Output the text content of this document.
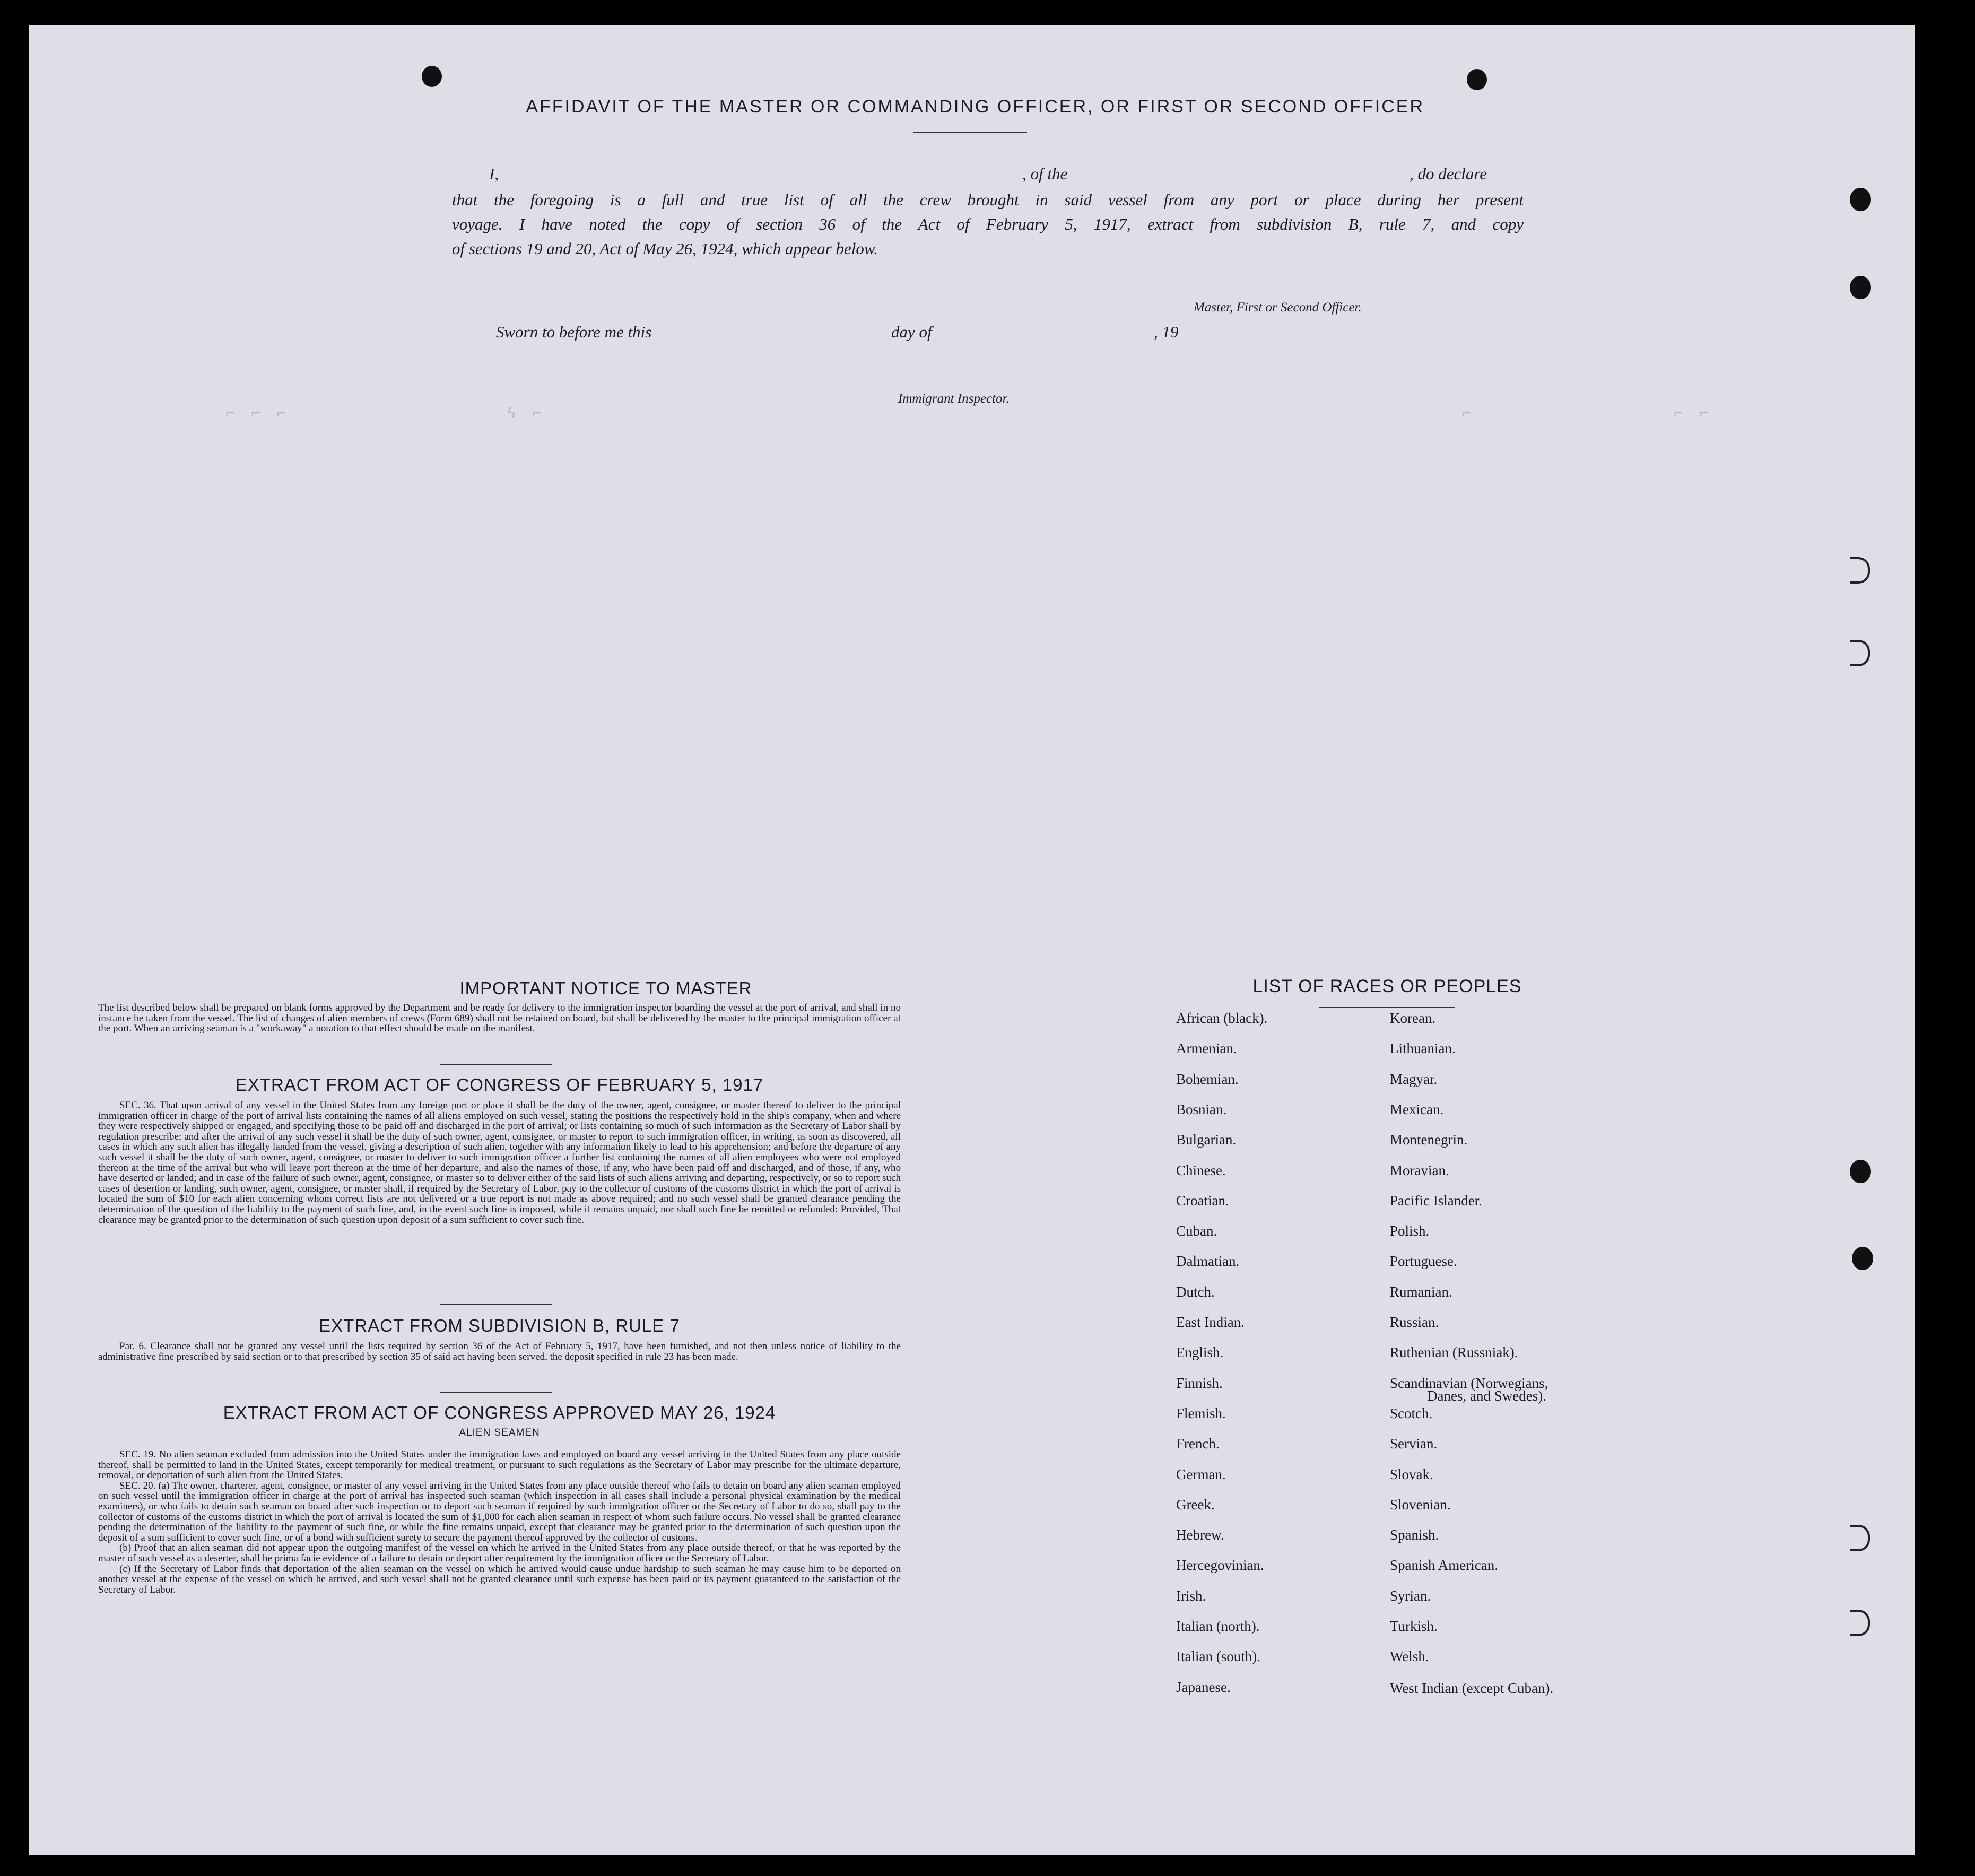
⌐ ⌐ ⌐	ϟ ⌐	⌐	⌐ ⌐
AFFIDAVIT OF THE MASTER OR COMMANDING OFFICER, OR FIRST OR SECOND OFFICER
I,	, of the	, do declare
that the foregoing is a full and true list of all the crew brought in said vessel from any port or place during her present
voyage. I have noted the copy of section 36 of the Act of February 5, 1917, extract from subdivision B, rule 7, and copy
of sections 19 and 20, Act of May 26, 1924, which appear below.
Master, First or Second Officer.
Sworn to before me this	day of	, 19
Immigrant Inspector.
IMPORTANT NOTICE TO MASTER
The list described below shall be prepared on blank forms approved by the Department and be ready for delivery to the immigration inspector boarding the vessel at the port of arrival, and shall in no instance be taken from the vessel. The list of changes of alien members of crews (Form 689) shall not be retained on board, but shall be delivered by the master to the principal immigration officer at the port. When an arriving seaman is a "workaway" a notation to that effect should be made on the manifest.
EXTRACT FROM ACT OF CONGRESS OF FEBRUARY 5, 1917
SEC. 36. That upon arrival of any vessel in the United States from any foreign port or place it shall be the duty of the owner, agent, consignee, or master thereof to deliver to the principal immigration officer in charge of the port of arrival lists containing the names of all aliens employed on such vessel, stating the positions the respectively hold in the ship's company, when and where they were respectively shipped or engaged, and specifying those to be paid off and discharged in the port of arrival; or lists containing so much of such information as the Secretary of Labor shall by regulation prescribe; and after the arrival of any such vessel it shall be the duty of such owner, agent, consignee, or master to report to such immigration officer, in writing, as soon as discovered, all cases in which any such alien has illegally landed from the vessel, giving a description of such alien, together with any information likely to lead to his apprehension; and before the departure of any such vessel it shall be the duty of such owner, agent, consignee, or master to deliver to such immigration officer a further list containing the names of all alien employees who were not employed thereon at the time of the arrival but who will leave port thereon at the time of her departure, and also the names of those, if any, who have been paid off and discharged, and of those, if any, who have deserted or landed; and in case of the failure of such owner, agent, consignee, or master so to deliver either of the said lists of such aliens arriving and departing, respectively, or so to report such cases of desertion or landing, such owner, agent, consignee, or master shall, if required by the Secretary of Labor, pay to the collector of customs of the customs district in which the port of arrival is located the sum of $10 for each alien concerning whom correct lists are not delivered or a true report is not made as above required; and no such vessel shall be granted clearance pending the determination of the question of the liability to the payment of such fine, and, in the event such fine is imposed, while it remains unpaid, nor shall such fine be remitted or refunded: Provided, That clearance may be granted prior to the determination of such question upon deposit of a sum sufficient to cover such fine.
EXTRACT FROM SUBDIVISION B, RULE 7
Par. 6. Clearance shall not be granted any vessel until the lists required by section 36 of the Act of February 5, 1917, have been furnished, and not then unless notice of liability to the administrative fine prescribed by said section or to that prescribed by section 35 of said act having been served, the deposit specified in rule 23 has been made.
EXTRACT FROM ACT OF CONGRESS APPROVED MAY 26, 1924
ALIEN SEAMEN
SEC. 19. No alien seaman excluded from admission into the United States under the immigration laws and employed on board any vessel arriving in the United States from any place outside thereof, shall be permitted to land in the United States, except temporarily for medical treatment, or pursuant to such regulations as the Secretary of Labor may prescribe for the ultimate departure, removal, or deportation of such alien from the United States.
SEC. 20. (a) The owner, charterer, agent, consignee, or master of any vessel arriving in the United States from any place outside thereof who fails to detain on board any alien seaman employed on such vessel until the immigration officer in charge at the port of arrival has inspected such seaman (which inspection in all cases shall include a personal physical examination by the medical examiners), or who fails to detain such seaman on board after such inspection or to deport such seaman if required by such immigration officer or the Secretary of Labor to do so, shall pay to the collector of customs of the customs district in which the port of arrival is located the sum of $1,000 for each alien seaman in respect of whom such failure occurs. No vessel shall be granted clearance pending the determination of the liability to the payment of such fine, or while the fine remains unpaid, except that clearance may be granted prior to the determination of such question upon the deposit of a sum sufficient to cover such fine, or of a bond with sufficient surety to secure the payment thereof approved by the collector of customs.
(b) Proof that an alien seaman did not appear upon the outgoing manifest of the vessel on which he arrived in the United States from any place outside thereof, or that he was reported by the master of such vessel as a deserter, shall be prima facie evidence of a failure to detain or deport after requirement by the immigration officer or the Secretary of Labor.
(c) If the Secretary of Labor finds that deportation of the alien seaman on the vessel on which he arrived would cause undue hardship to such seaman he may cause him to be deported on another vessel at the expense of the vessel on which he arrived, and such vessel shall not be granted clearance until such expense has been paid or its payment guaranteed to the satisfaction of the Secretary of Labor.
LIST OF RACES OR PEOPLES
African (black).
Armenian.
Bohemian.
Bosnian.
Bulgarian.
Chinese.
Croatian.
Cuban.
Dalmatian.
Dutch.
East Indian.
English.
Finnish.
Flemish.
French.
German.
Greek.
Hebrew.
Hercegovinian.
Irish.
Italian (north).
Italian (south).
Japanese.
Korean.
Lithuanian.
Magyar.
Mexican.
Montenegrin.
Moravian.
Pacific Islander.
Polish.
Portuguese.
Rumanian.
Russian.
Ruthenian (Russniak).
Scandinavian (Norwegians,
Danes, and Swedes).
Scotch.
Servian.
Slovak.
Slovenian.
Spanish.
Spanish American.
Syrian.
Turkish.
Welsh.
West Indian (except Cuban).
